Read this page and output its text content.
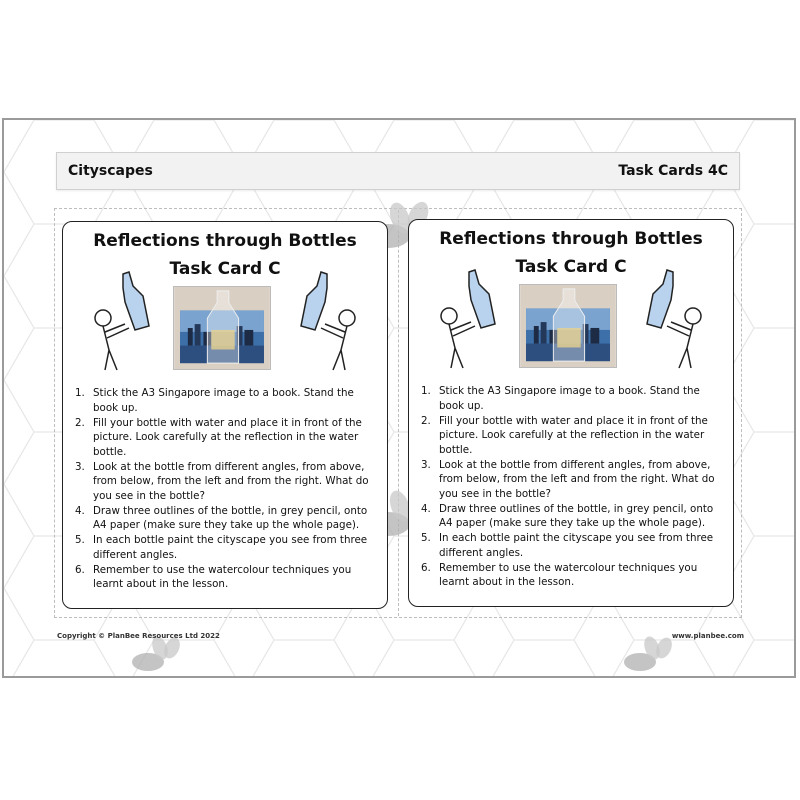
Cityscapes	Task Cards 4C
Reflections through Bottles
Task Card C
1. Stick the A3 Singapore image to a book. Stand the book up.
2. Fill your bottle with water and place it in front of the picture. Look carefully at the reflection in the water bottle.
3. Look at the bottle from different angles, from above, from below, from the left and from the right. What do you see in the bottle?
4. Draw three outlines of the bottle, in grey pencil, onto A4 paper (make sure they take up the whole page).
5. In each bottle paint the cityscape you see from three different angles.
6. Remember to use the watercolour techniques you learnt about in the lesson.
Reflections through Bottles
Task Card C
1. Stick the A3 Singapore image to a book. Stand the book up.
2. Fill your bottle with water and place it in front of the picture. Look carefully at the reflection in the water bottle.
3. Look at the bottle from different angles, from above, from below, from the left and from the right. What do you see in the bottle?
4. Draw three outlines of the bottle, in grey pencil, onto A4 paper (make sure they take up the whole page).
5. In each bottle paint the cityscape you see from three different angles.
6. Remember to use the watercolour techniques you learnt about in the lesson.
Copyright © PlanBee Resources Ltd 2022	www.planbee.com
